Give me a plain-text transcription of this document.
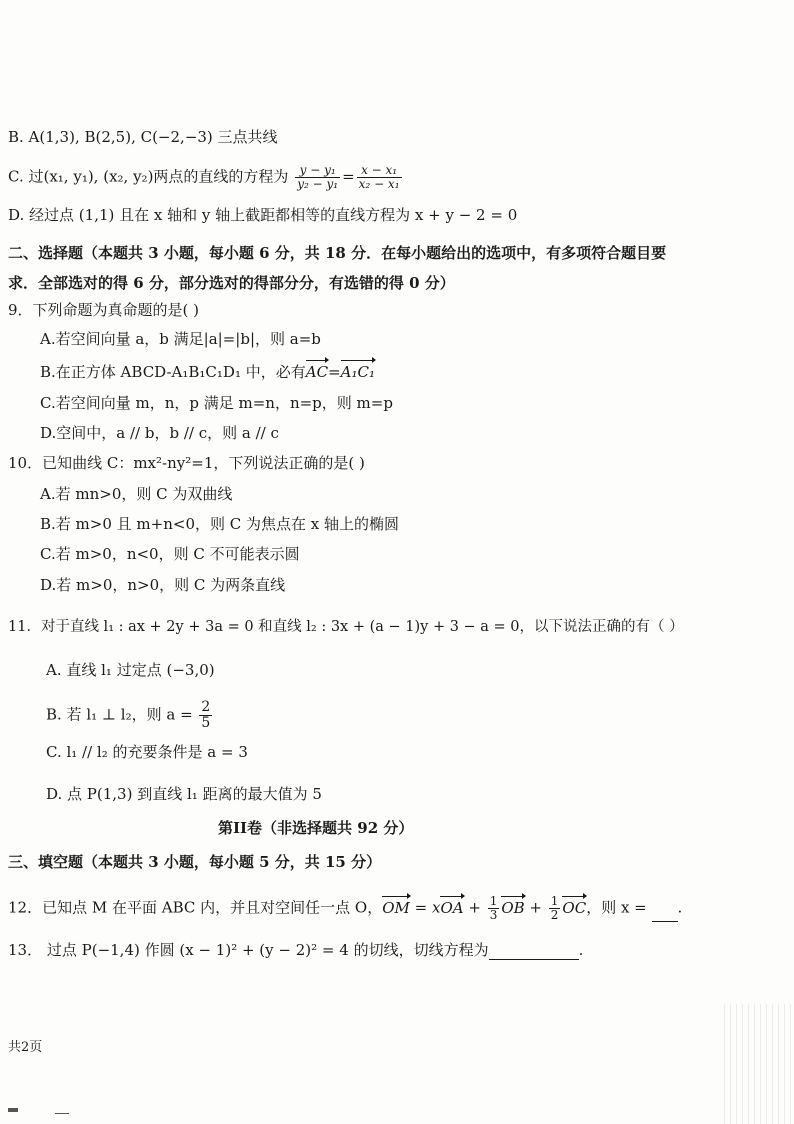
B. A(1,3), B(2,5), C(−2,−3) 三点共线
C. 过(x₁, y₁), (x₂, y₂)两点的直线的方程为 $\frac{\text{y − y₁}}{\text{y₂ − y₁}} = \frac{\text{x − x₁}}{\text{x₂ − x₁}}$
D. 经过点 (1,1) 且在 x 轴和 y 轴上截距都相等的直线方程为 x + y − 2 = 0
二、选择题（本题共 3 小题，每小题 6 分，共 18 分．在每小题给出的选项中，有多项符合题目要
求．全部选对的得 6 分，部分选对的得部分分，有选错的得 0 分）
9．下列命题为真命题的是( )
A.若空间向量 a，b 满足|a|=|b|，则 a=b
B.在正方体 ABCD-A₁B₁C₁D₁ 中，必有AC=A₁C₁
C.若空间向量 m，n，p 满足 m=n，n=p，则 m=p
D.空间中，a // b，b // c，则 a // c
10．已知曲线 C：mx²-ny²=1，下列说法正确的是( )
A.若 mn>0，则 C 为双曲线
B.若 m>0 且 m+n<0，则 C 为焦点在 x 轴上的椭圆
C.若 m>0，n<0，则 C 不可能表示圆
D.若 m>0，n>0，则 C 为两条直线
11．对于直线 l₁ : ax + 2y + 3a = 0 和直线 l₂ : 3x + (a − 1)y + 3 − a = 0，以下说法正确的有（ ）
A. 直线 l₁ 过定点 (−3,0)
B. 若 l₁ ⊥ l₂，则 $a = \frac{2}{5}$
C. l₁ // l₂ 的充要条件是 a = 3
D. 点 P(1,3) 到直线 l₁ 距离的最大值为 5
第II卷（非选择题共 92 分）
三、填空题（本题共 3 小题，每小题 5 分，共 15 分）
12．已知点 M 在平面 ABC 内，并且对空间任一点 O，OM = xOA + $\frac{1}{3}$ OB + $\frac{1}{2}$ OC，则 x = .
13． 过点 P(−1,4) 作圆 (x − 1)² + (y − 2)² = 4 的切线，切线方程为	.
共2页
